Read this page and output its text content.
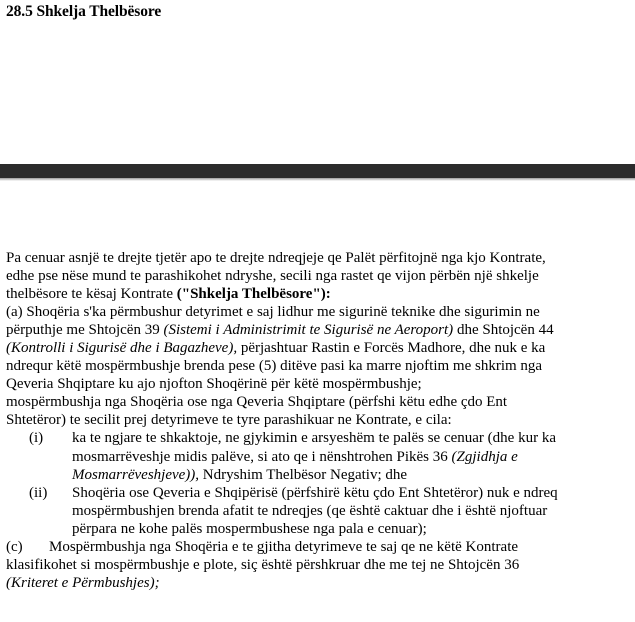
28.5 Shkelja Thelbësore
Pa cenuar asnjë te drejte tjetër apo te drejte ndreqjeje qe Palët përfitojnë nga kjo Kontrate,
edhe pse nëse mund te parashikohet ndryshe, secili nga rastet qe vijon përbën një shkelje
thelbësore te kësaj Kontrate ("Shkelja Thelbësore"):
(a) Shoqëria s'ka përmbushur detyrimet e saj lidhur me sigurinë teknike dhe sigurimin ne
përputhje me Shtojcën 39 (Sistemi i Administrimit te Sigurisë ne Aeroport) dhe Shtojcën 44
(Kontrolli i Sigurisë dhe i Bagazheve), përjashtuar Rastin e Forcës Madhore, dhe nuk e ka
ndrequr këtë mospërmbushje brenda pese (5) ditëve pasi ka marre njoftim me shkrim nga
Qeveria Shqiptare ku ajo njofton Shoqërinë për këtë mospërmbushje;
mospërmbushja nga Shoqëria ose nga Qeveria Shqiptare (përfshi këtu edhe çdo Ent
Shtetëror) te secilit prej detyrimeve te tyre parashikuar ne Kontrate, e cila:
(i)	ka te ngjare te shkaktoje, ne gjykimin e arsyeshëm te palës se cenuar (dhe kur ka
mosmarrëveshje midis palëve, si ato qe i nënshtrohen Pikës 36 (Zgjidhja e
Mosmarrëveshjeve)), Ndryshim Thelbësor Negativ; dhe
(ii)	Shoqëria ose Qeveria e Shqipërisë (përfshirë këtu çdo Ent Shtetëror) nuk e ndreq
mospërmbushjen brenda afatit te ndreqjes (qe është caktuar dhe i është njoftuar
përpara ne kohe palës mospermbushese nga pala e cenuar);
(c) Mospërmbushja nga Shoqëria e te gjitha detyrimeve te saj qe ne këtë Kontrate
klasifikohet si mospërmbushje e plote, siç është përshkruar dhe me tej ne Shtojcën 36
(Kriteret e Përmbushjes);
